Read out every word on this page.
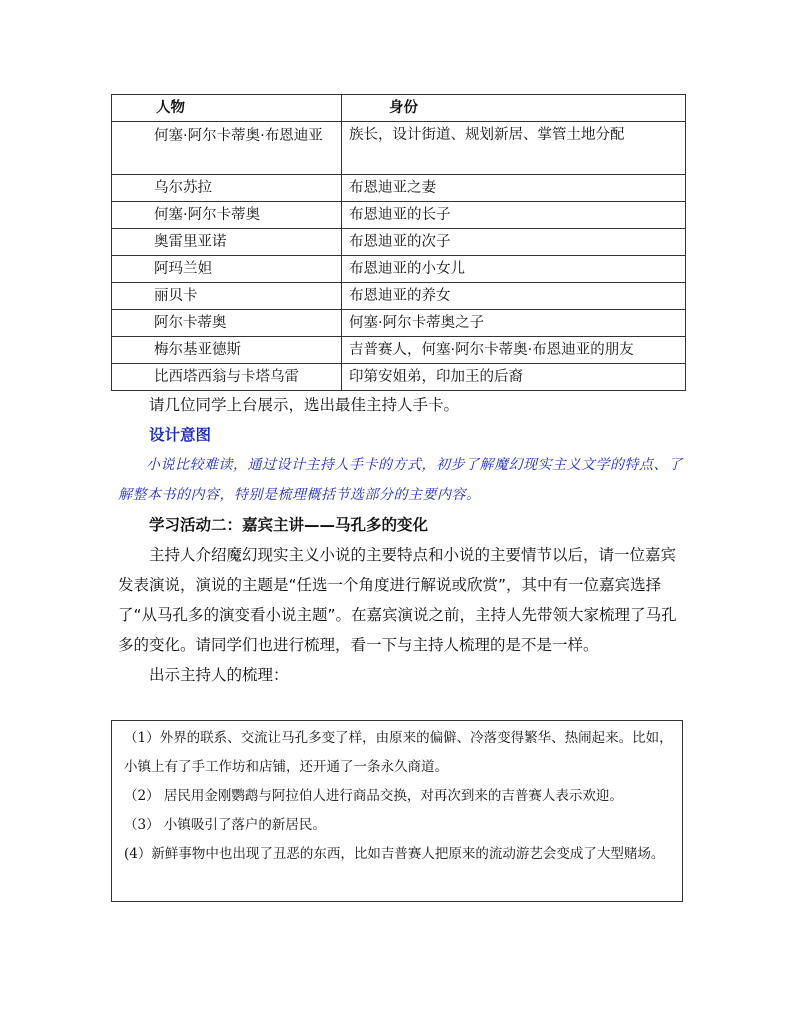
人物	身份
何塞·阿尔卡蒂奥·布恩迪亚	族长，设计街道、规划新居、掌管土地分配
乌尔苏拉	布恩迪亚之妻
何塞·阿尔卡蒂奥	布恩迪亚的长子
奥雷里亚诺	布恩迪亚的次子
阿玛兰妲	布恩迪亚的小女儿
丽贝卡	布恩迪亚的养女
阿尔卡蒂奥	何塞·阿尔卡蒂奥之子
梅尔基亚德斯	吉普赛人，何塞·阿尔卡蒂奥·布恩迪亚的朋友
比西塔西翁与卡塔乌雷	印第安姐弟，印加王的后裔

请几位同学上台展示，选出最佳主持人手卡。

设计意图

小说比较难读，通过设计主持人手卡的方式，初步了解魔幻现实主义文学的特点、了解整本书的内容，特别是梳理概括节选部分的主要内容。

学习活动二：嘉宾主讲——马孔多的变化

主持人介绍魔幻现实主义小说的主要特点和小说的主要情节以后，请一位嘉宾发表演说，演说的主题是“任选一个角度进行解说或欣赏”，其中有一位嘉宾选择了“从马孔多的演变看小说主题”。在嘉宾演说之前，主持人先带领大家梳理了马孔多的变化。请同学们也进行梳理，看一下与主持人梳理的是不是一样。

出示主持人的梳理：

（1）外界的联系、交流让马孔多变了样，由原来的偏僻、冷落变得繁华、热闹起来。比如，小镇上有了手工作坊和店铺，还开通了一条永久商道。

（2） 居民用金刚鹦鹉与阿拉伯人进行商品交换，对再次到来的吉普赛人表示欢迎。

（3） 小镇吸引了落户的新居民。

(4）新鲜事物中也出现了丑恶的东西，比如吉普赛人把原来的流动游艺会变成了大型赌场。
